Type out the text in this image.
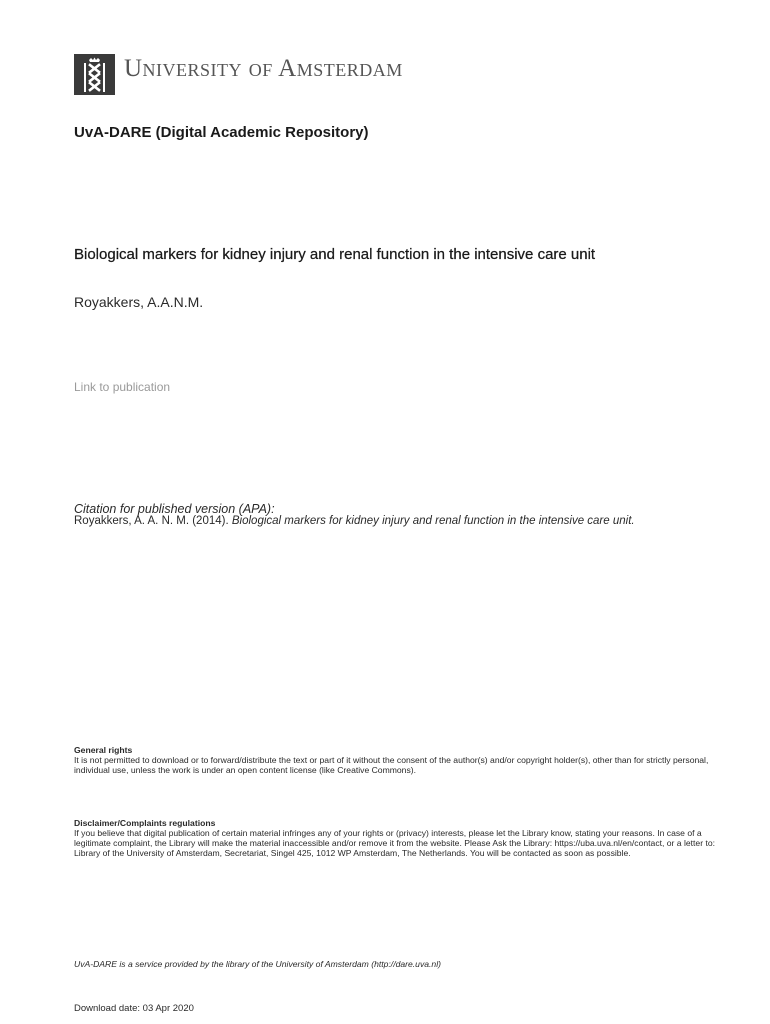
University of Amsterdam
UvA-DARE (Digital Academic Repository)
Biological markers for kidney injury and renal function in the intensive care unit
Royakkers, A.A.N.M.
Link to publication
Citation for published version (APA):
Royakkers, A. A. N. M. (2014). Biological markers for kidney injury and renal function in the intensive care unit.
General rights
It is not permitted to download or to forward/distribute the text or part of it without the consent of the author(s) and/or copyright holder(s), other than for strictly personal, individual use, unless the work is under an open content license (like Creative Commons).
Disclaimer/Complaints regulations
If you believe that digital publication of certain material infringes any of your rights or (privacy) interests, please let the Library know, stating your reasons. In case of a legitimate complaint, the Library will make the material inaccessible and/or remove it from the website. Please Ask the Library: https://uba.uva.nl/en/contact, or a letter to: Library of the University of Amsterdam, Secretariat, Singel 425, 1012 WP Amsterdam, The Netherlands. You will be contacted as soon as possible.
UvA-DARE is a service provided by the library of the University of Amsterdam (http://dare.uva.nl)
Download date: 03 Apr 2020
